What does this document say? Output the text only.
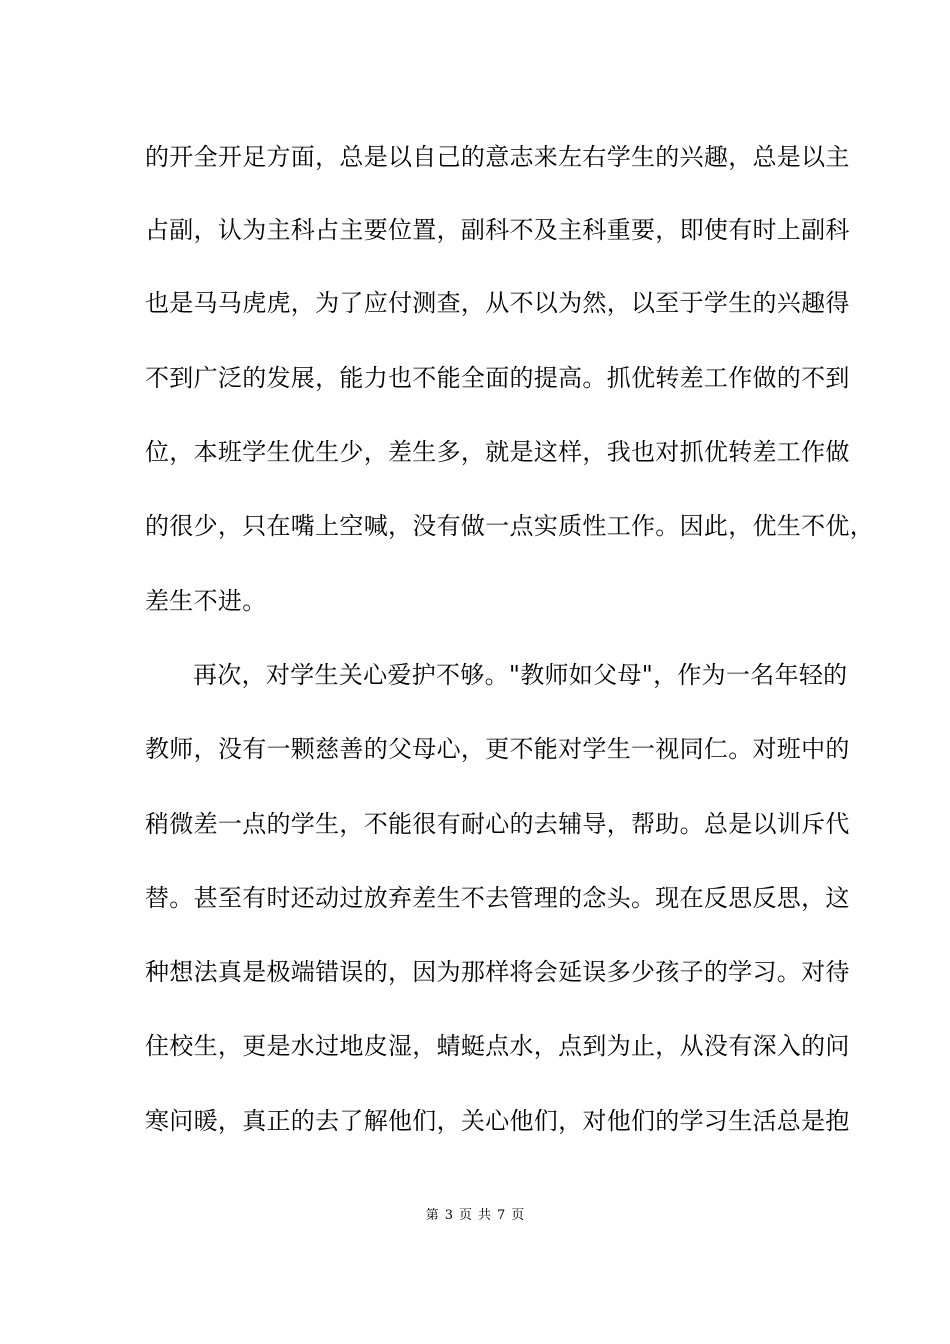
的开全开足方面，总是以自己的意志来左右学生的兴趣，总是以主
占副，认为主科占主要位置，副科不及主科重要，即使有时上副科
也是马马虎虎，为了应付测查，从不以为然，以至于学生的兴趣得
不到广泛的发展，能力也不能全面的提高。抓优转差工作做的不到
位，本班学生优生少，差生多，就是这样，我也对抓优转差工作做
的很少，只在嘴上空喊，没有做一点实质性工作。因此，优生不优，
差生不进。
再次，对学生关心爱护不够。"教师如父母"，作为一名年轻的
教师，没有一颗慈善的父母心，更不能对学生一视同仁。对班中的
稍微差一点的学生，不能很有耐心的去辅导，帮助。总是以训斥代
替。甚至有时还动过放弃差生不去管理的念头。现在反思反思，这
种想法真是极端错误的，因为那样将会延误多少孩子的学习。对待
住校生，更是水过地皮湿，蜻蜓点水，点到为止，从没有深入的问
寒问暖，真正的去了解他们，关心他们，对他们的学习生活总是抱
第 3 页 共 7 页
